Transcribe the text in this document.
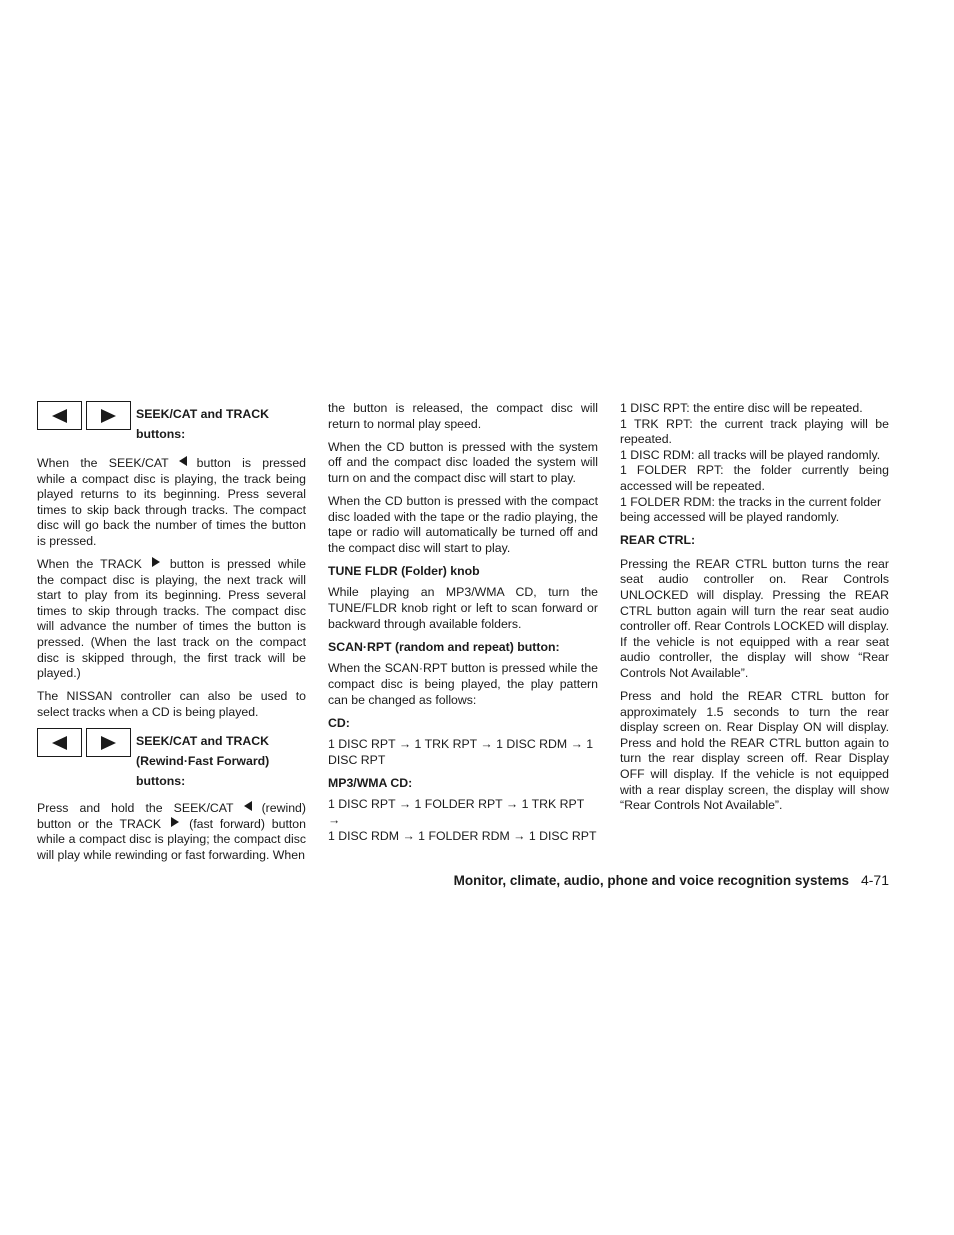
SEEK/CAT and TRACK
buttons:

When the SEEK/CAT button is pressed while a compact disc is playing, the track being played returns to its beginning. Press several times to skip back through tracks. The compact disc will go back the number of times the button is pressed.

When the TRACK button is pressed while the compact disc is playing, the next track will start to play from its beginning. Press several times to skip through tracks. The compact disc will advance the number of times the button is pressed. (When the last track on the compact disc is skipped through, the first track will be played.)

The NISSAN controller can also be used to select tracks when a CD is being played.

SEEK/CAT and TRACK
(Rewind·Fast Forward)
buttons:

Press and hold the SEEK/CAT (rewind) button or the TRACK (fast forward) button while a compact disc is playing; the compact disc will play while rewinding or fast forwarding. When

the button is released, the compact disc will return to normal play speed.

When the CD button is pressed with the system off and the compact disc loaded the system will turn on and the compact disc will start to play.

When the CD button is pressed with the compact disc loaded with the tape or the radio playing, the tape or radio will automatically be turned off and the compact disc will start to play.

TUNE FLDR (Folder) knob

While playing an MP3/WMA CD, turn the TUNE/FLDR knob right or left to scan forward or backward through available folders.

SCAN·RPT (random and repeat) button:

When the SCAN·RPT button is pressed while the compact disc is being played, the play pattern can be changed as follows:

CD:

1 DISC RPT → 1 TRK RPT → 1 DISC RDM → 1
DISC RPT

MP3/WMA CD:

1 DISC RPT → 1 FOLDER RPT → 1 TRK RPT →
1 DISC RDM → 1 FOLDER RDM → 1 DISC RPT

1 DISC RPT: the entire disc will be repeated.

1 TRK RPT: the current track playing will be repeated.

1 DISC RDM: all tracks will be played randomly.

1 FOLDER RPT: the folder currently being accessed will be repeated.

1 FOLDER RDM: the tracks in the current folder being accessed will be played randomly.

REAR CTRL:

Pressing the REAR CTRL button turns the rear seat audio controller on. Rear Controls UNLOCKED will display. Pressing the REAR CTRL button again will turn the rear seat audio controller off. Rear Controls LOCKED will display. If the vehicle is not equipped with a rear seat audio controller, the display will show “Rear Controls Not Available”.

Press and hold the REAR CTRL button for approximately 1.5 seconds to turn the rear display screen on. Rear Display ON will display. Press and hold the REAR CTRL button again to turn the rear display screen off. Rear Display OFF will display. If the vehicle is not equipped with a rear display screen, the display will show “Rear Controls Not Available”.

Monitor, climate, audio, phone and voice recognition systems 4-71
